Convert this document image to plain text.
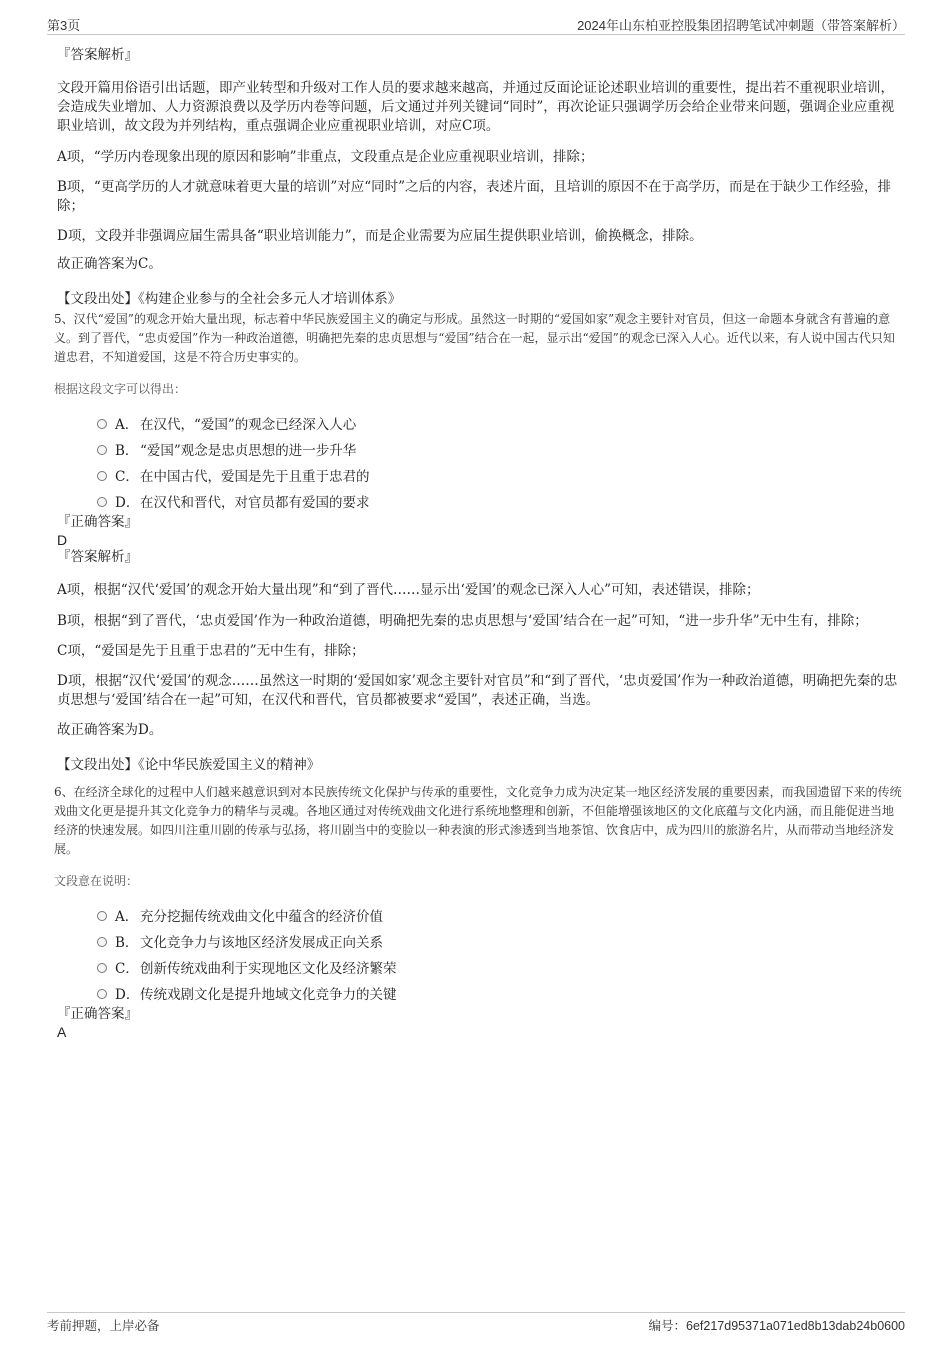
第3页	2024年山东柏亚控股集团招聘笔试冲刺题（带答案解析）

『答案解析』

文段开篇用俗语引出话题，即产业转型和升级对工作人员的要求越来越高，并通过反面论证论述职业培训的重要性，提出若不重视职业培训，会造成失业增加、人力资源浪费以及学历内卷等问题，后文通过并列关键词“同时”，再次论证只强调学历会给企业带来问题，强调企业应重视职业培训，故文段为并列结构，重点强调企业应重视职业培训，对应C项。

A项，“学历内卷现象出现的原因和影响”非重点，文段重点是企业应重视职业培训，排除；

B项，“更高学历的人才就意味着更大量的培训”对应“同时”之后的内容，表述片面，且培训的原因不在于高学历，而是在于缺少工作经验，排除；

D项，文段并非强调应届生需具备“职业培训能力”，而是企业需要为应届生提供职业培训，偷换概念，排除。

故正确答案为C。

【文段出处】《构建企业参与的全社会多元人才培训体系》

5、汉代“爱国”的观念开始大量出现，标志着中华民族爱国主义的确定与形成。虽然这一时期的“爱国如家”观念主要针对官员，但这一命题本身就含有普遍的意义。到了晋代，“忠贞爱国”作为一种政治道德，明确把先秦的忠贞思想与“爱国”结合在一起，显示出“爱国”的观念已深入人心。近代以来，有人说中国古代只知道忠君，不知道爱国，这是不符合历史事实的。

根据这段文字可以得出：

A． 在汉代，“爱国”的观念已经深入人心
B． “爱国”观念是忠贞思想的进一步升华
C． 在中国古代，爱国是先于且重于忠君的
D． 在汉代和晋代，对官员都有爱国的要求

『正确答案』

D

『答案解析』

A项，根据“汉代‘爱国’的观念开始大量出现”和“到了晋代……显示出‘爱国’的观念已深入人心”可知，表述错误，排除；

B项，根据“到了晋代，‘忠贞爱国’作为一种政治道德，明确把先秦的忠贞思想与‘爱国’结合在一起”可知，“进一步升华”无中生有，排除；

C项，“爱国是先于且重于忠君的”无中生有，排除；

D项，根据“汉代‘爱国’的观念……虽然这一时期的‘爱国如家’观念主要针对官员”和“到了晋代，‘忠贞爱国’作为一种政治道德，明确把先秦的忠贞思想与‘爱国’结合在一起”可知，在汉代和晋代，官员都被要求“爱国”，表述正确，当选。

故正确答案为D。

【文段出处】《论中华民族爱国主义的精神》

6、在经济全球化的过程中人们越来越意识到对本民族传统文化保护与传承的重要性，文化竞争力成为决定某一地区经济发展的重要因素，而我国遗留下来的传统戏曲文化更是提升其文化竞争力的精华与灵魂。各地区通过对传统戏曲文化进行系统地整理和创新，不但能增强该地区的文化底蕴与文化内涵，而且能促进当地经济的快速发展。如四川注重川剧的传承与弘扬，将川剧当中的变脸以一种表演的形式渗透到当地茶馆、饮食店中，成为四川的旅游名片，从而带动当地经济发展。

文段意在说明：

A． 充分挖掘传统戏曲文化中蕴含的经济价值
B． 文化竞争力与该地区经济发展成正向关系
C． 创新传统戏曲利于实现地区文化及经济繁荣
D． 传统戏剧文化是提升地域文化竞争力的关键

『正确答案』

A

考前押题，上岸必备	编号：6ef217d95371a071ed8b13dab24b0600
